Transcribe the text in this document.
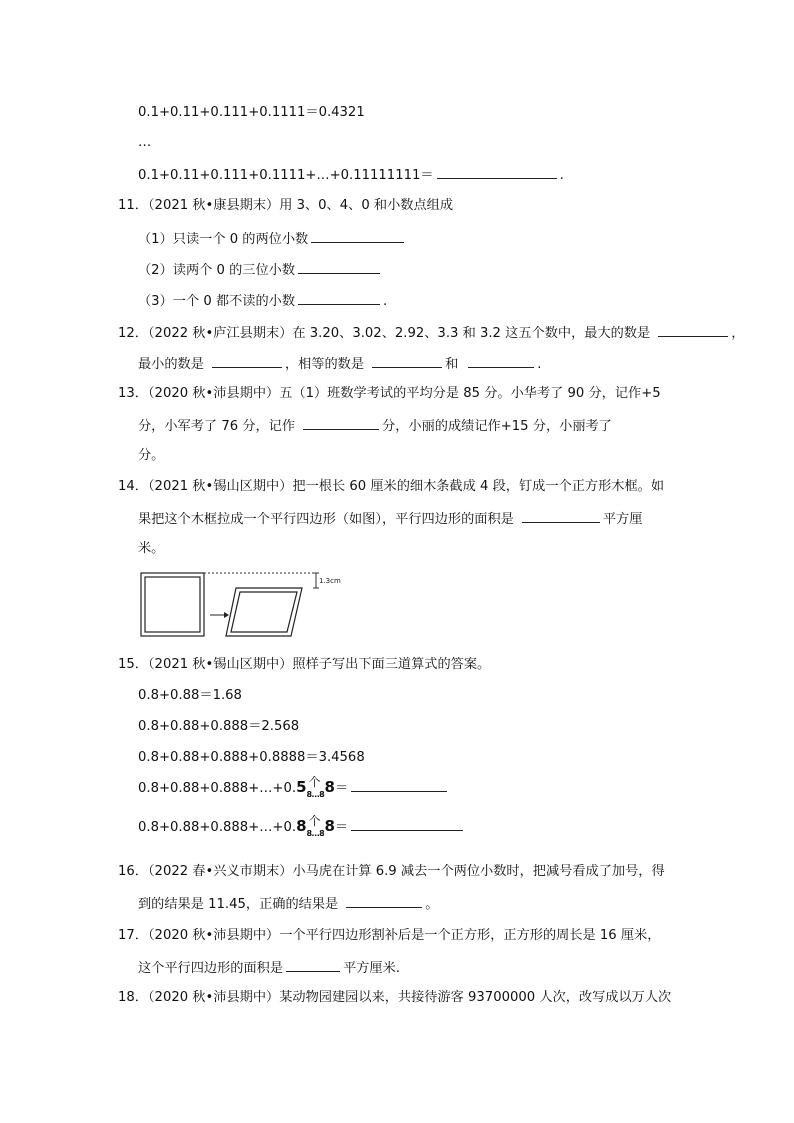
0.1+0.11+0.111+0.1111＝0.4321
…
0.1+0.11+0.111+0.1111+…+0.11111111＝	.
11．（2021 秋•康县期末）用 3、0、4、0 和小数点组成
（1）只读一个 0 的两位小数
（2）读两个 0 的三位小数
（3）一个 0 都不读的小数	.
12．（2022 秋•庐江县期末）在 3.20、3.02、2.92、3.3 和 3.2 这五个数中，最大的数是	，
最小的数是	，相等的数是	和	.
13．（2020 秋•沛县期中）五（1）班数学考试的平均分是 85 分。小华考了 90 分，记作+5
分，小军考了 76 分，记作	分，小丽的成绩记作+15 分，小丽考了
分。
14．（2021 秋•锡山区期中）把一根长 60 厘米的细木条截成 4 段，钉成一个正方形木框。如
果把这个木框拉成一个平行四边形（如图），平行四边形的面积是	平方厘
米。
1.3cm
15．（2021 秋•锡山区期中）照样子写出下面三道算式的答案。
0.8+0.88＝1.68
0.8+0.88+0.888＝2.568
0.8+0.88+0.888+0.8888＝3.4568
0.8+0.88+0.888+…+0.5 个
8…8 8＝
0.8+0.88+0.888+…+0.8 个
8…8 8＝
16．（2022 春•兴义市期末）小马虎在计算 6.9 减去一个两位小数时，把减号看成了加号，得
到的结果是 11.45，正确的结果是	。
17．（2020 秋•沛县期中）一个平行四边形割补后是一个正方形，正方形的周长是 16 厘米，
这个平行四边形的面积是	平方厘米.
18．（2020 秋•沛县期中）某动物园建园以来，共接待游客 93700000 人次，改写成以万人次
